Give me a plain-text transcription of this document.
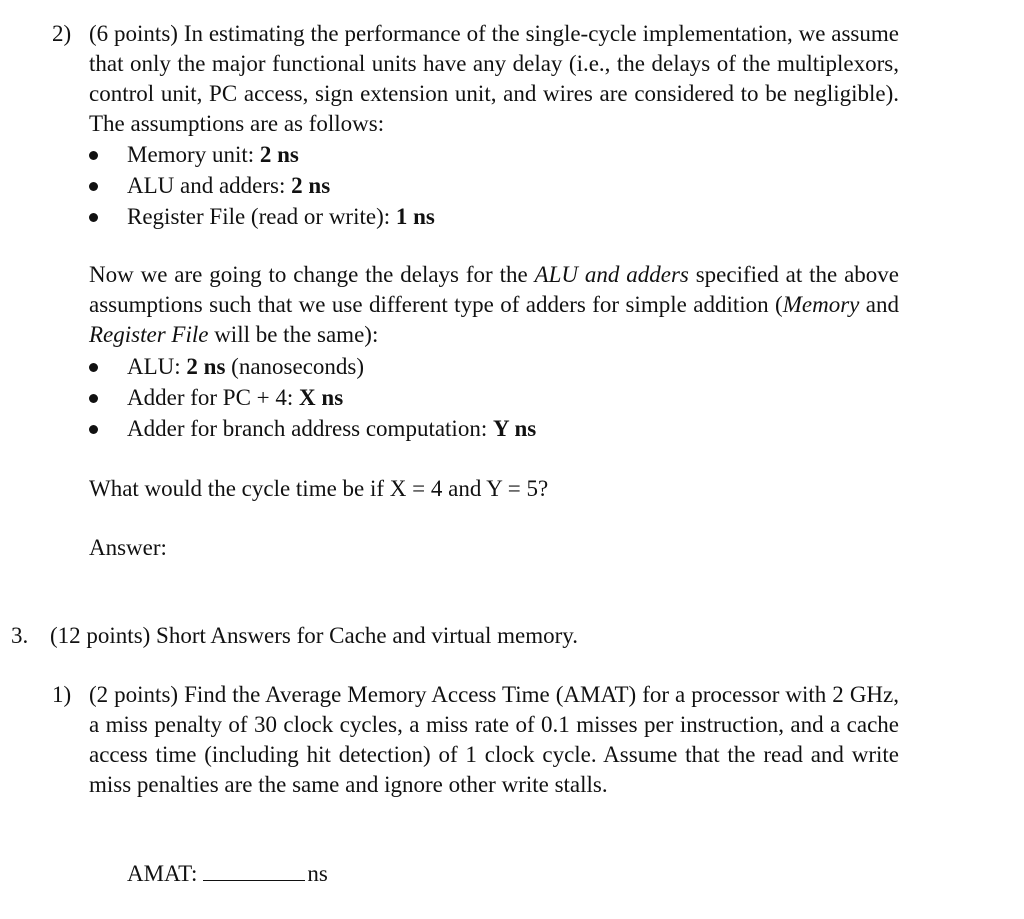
2) (6 points) In estimating the performance of the single-cycle implementation, we assume that only the major functional units have any delay (i.e., the delays of the multiplexors, control unit, PC access, sign extension unit, and wires are considered to be negligible). The assumptions are as follows:
Memory unit: 2 ns
ALU and adders: 2 ns
Register File (read or write): 1 ns
Now we are going to change the delays for the ALU and adders specified at the above assumptions such that we use different type of adders for simple addition (Memory and Register File will be the same):
ALU: 2 ns (nanoseconds)
Adder for PC + 4: X ns
Adder for branch address computation: Y ns
What would the cycle time be if X = 4 and Y = 5?
Answer:
3. (12 points) Short Answers for Cache and virtual memory.
1) (2 points) Find the Average Memory Access Time (AMAT) for a processor with 2 GHz, a miss penalty of 30 clock cycles, a miss rate of 0.1 misses per instruction, and a cache access time (including hit detection) of 1 clock cycle. Assume that the read and write miss penalties are the same and ignore other write stalls.
AMAT:	ns
